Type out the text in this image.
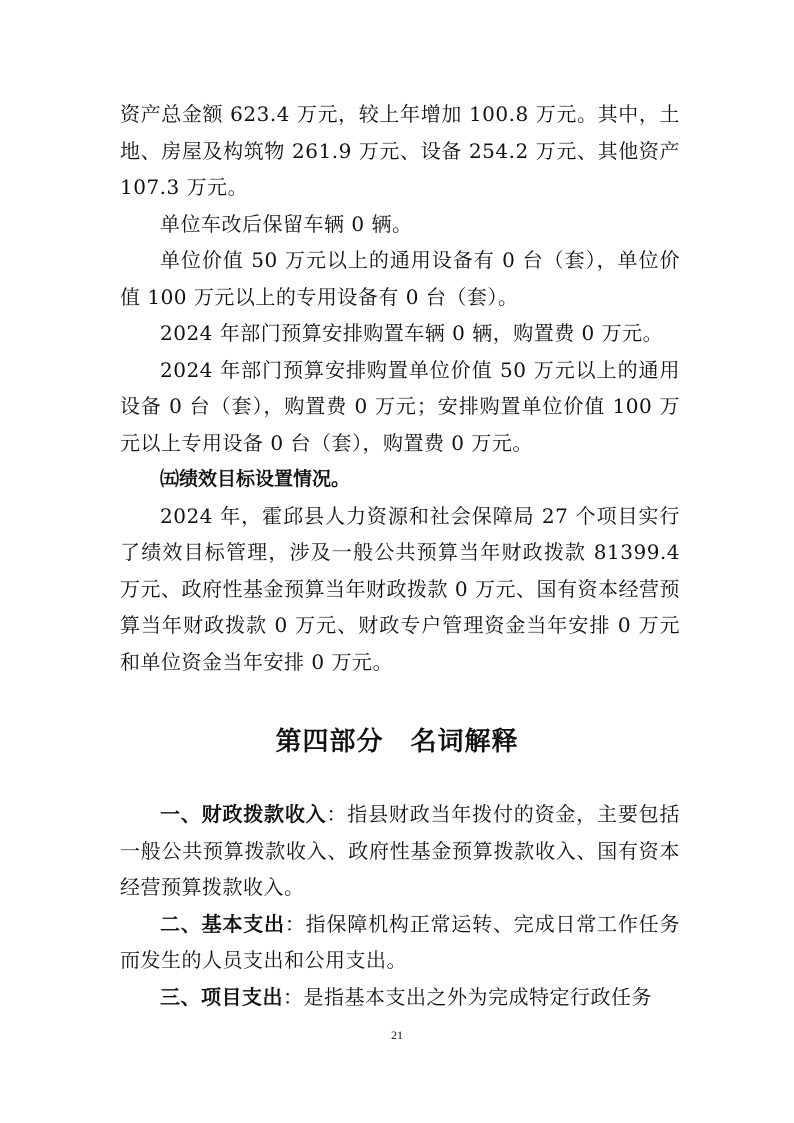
资产总金额 623.4 万元，较上年增加 100.8 万元。其中，土地、房屋及构筑物 261.9 万元、设备 254.2 万元、其他资产 107.3 万元。

单位车改后保留车辆 0 辆。

单位价值 50 万元以上的通用设备有 0 台（套），单位价值 100 万元以上的专用设备有 0 台（套）。

2024 年部门预算安排购置车辆 0 辆，购置费 0 万元。

2024 年部门预算安排购置单位价值 50 万元以上的通用设备 0 台（套），购置费 0 万元；安排购置单位价值 100 万元以上专用设备 0 台（套），购置费 0 万元。

㈤绩效目标设置情况。

2024 年，霍邱县人力资源和社会保障局 27 个项目实行了绩效目标管理，涉及一般公共预算当年财政拨款 81399.4 万元、政府性基金预算当年财政拨款 0 万元、国有资本经营预算当年财政拨款 0 万元、财政专户管理资金当年安排 0 万元和单位资金当年安排 0 万元。

第四部分　名词解释

一、财政拨款收入：指县财政当年拨付的资金，主要包括一般公共预算拨款收入、政府性基金预算拨款收入、国有资本经营预算拨款收入。

二、基本支出：指保障机构正常运转、完成日常工作任务而发生的人员支出和公用支出。

三、项目支出：是指基本支出之外为完成特定行政任务

21
